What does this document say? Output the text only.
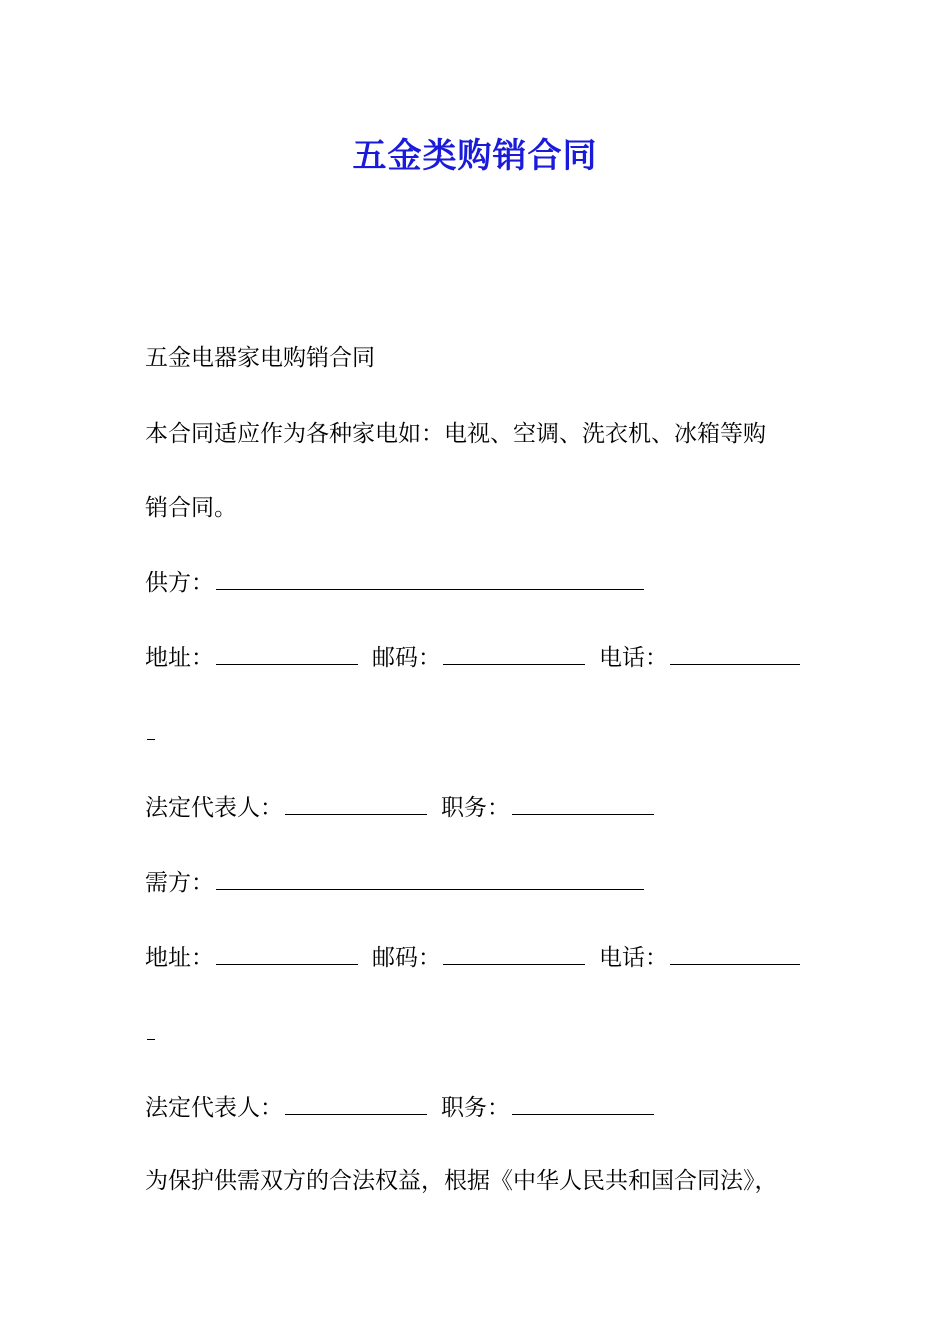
五金类购销合同

五金电器家电购销合同

本合同适应作为各种家电如：电视、空调、洗衣机、冰箱等购

销合同。

供方：

地址：	邮码：	电话：

法定代表人：	职务：

需方：

地址：	邮码：	电话：

法定代表人：	职务：

为保护供需双方的合法权益，根据《中华人民共和国合同法》，
